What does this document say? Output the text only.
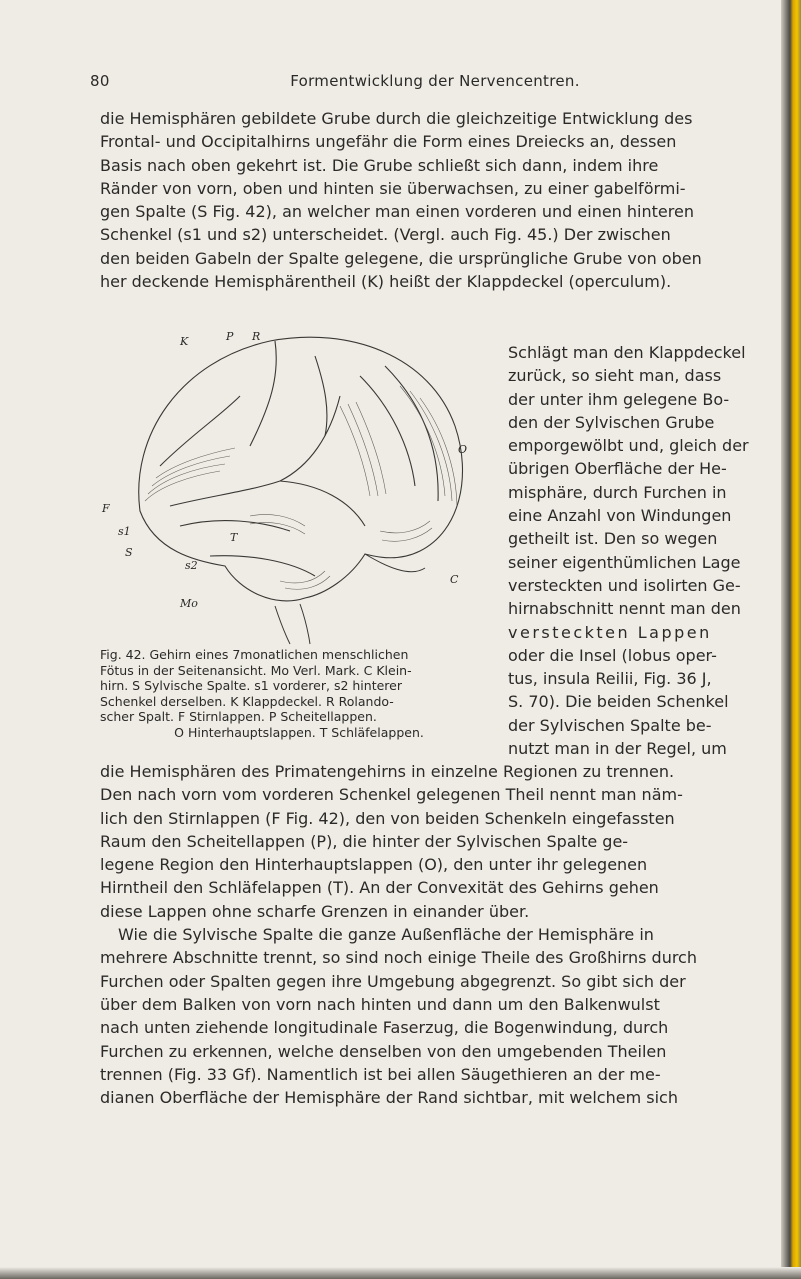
80	Formentwicklung der Nervencentren.

die Hemisphären gebildete Grube durch die gleichzeitige Entwicklung des

Frontal- und Occipitalhirns ungefähr die Form eines Dreiecks an, dessen

Basis nach oben gekehrt ist. Die Grube schließt sich dann, indem ihre

Ränder von vorn, oben und hinten sie überwachsen, zu einer gabelförmi-

gen Spalte (S Fig. 42), an welcher man einen vorderen und einen hinteren

Schenkel (s1 und s2) unterscheidet. (Vergl. auch Fig. 45.) Der zwischen

den beiden Gabeln der Spalte gelegene, die ursprüngliche Grube von oben

her deckende Hemisphärentheil (K) heißt der Klappdeckel (operculum).

K	P R
O
F
s1
S
T
s2
C
Mo

Schlägt man den Klappdeckel

zurück, so sieht man, dass

der unter ihm gelegene Bo-

den der Sylvischen Grube

emporgewölbt und, gleich der

übrigen Oberfläche der He-

misphäre, durch Furchen in

eine Anzahl von Windungen

getheilt ist. Den so wegen

seiner eigenthümlichen Lage

versteckten und isolirten Ge-

hirnabschnitt nennt man den

versteckten Lappen

oder die Insel (lobus oper-

tus, insula Reilii, Fig. 36 J,

S. 70). Die beiden Schenkel

der Sylvischen Spalte be-

nutzt man in der Regel, um

Fig. 42. Gehirn eines 7monatlichen menschlichen

Fötus in der Seitenansicht. Mo Verl. Mark. C Klein-

hirn. S Sylvische Spalte. s1 vorderer, s2 hinterer

Schenkel derselben. K Klappdeckel. R Rolando-

scher Spalt. F Stirnlappen. P Scheitellappen.

O Hinterhauptslappen. T Schläfelappen.

die Hemisphären des Primatengehirns in einzelne Regionen zu trennen.

Den nach vorn vom vorderen Schenkel gelegenen Theil nennt man näm-

lich den Stirnlappen (F Fig. 42), den von beiden Schenkeln eingefassten

Raum den Scheitellappen (P), die hinter der Sylvischen Spalte ge-

legene Region den Hinterhauptslappen (O), den unter ihr gelegenen

Hirntheil den Schläfelappen (T). An der Convexität des Gehirns gehen

diese Lappen ohne scharfe Grenzen in einander über.

Wie die Sylvische Spalte die ganze Außenfläche der Hemisphäre in

mehrere Abschnitte trennt, so sind noch einige Theile des Großhirns durch

Furchen oder Spalten gegen ihre Umgebung abgegrenzt. So gibt sich der

über dem Balken von vorn nach hinten und dann um den Balkenwulst

nach unten ziehende longitudinale Faserzug, die Bogenwindung, durch

Furchen zu erkennen, welche denselben von den umgebenden Theilen

trennen (Fig. 33 Gf). Namentlich ist bei allen Säugethieren an der me-

dianen Oberfläche der Hemisphäre der Rand sichtbar, mit welchem sich
